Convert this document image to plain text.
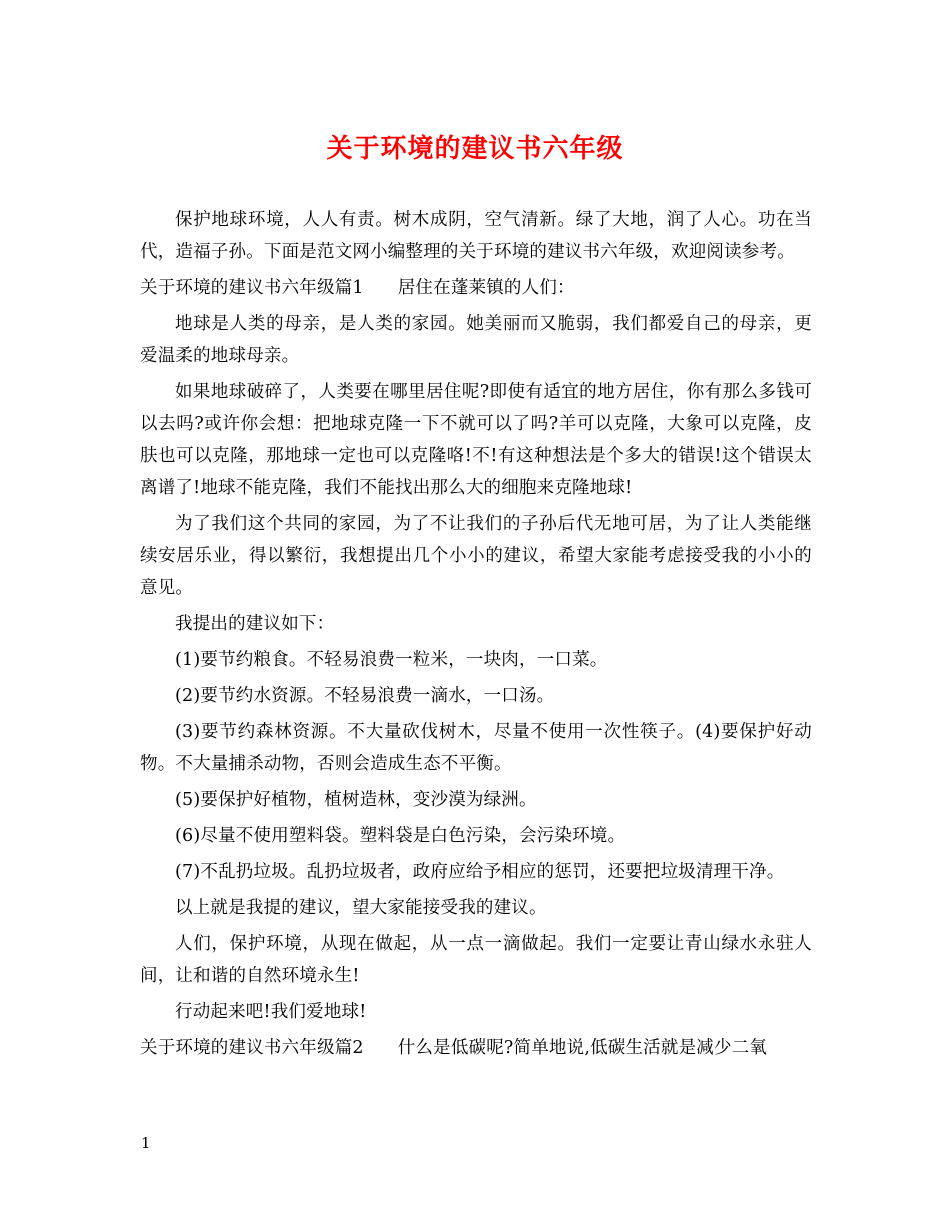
关于环境的建议书六年级

保护地球环境，人人有责。树木成阴，空气清新。绿了大地，润了人心。功在当代，造福子孙。下面是范文网小编整理的关于环境的建议书六年级，欢迎阅读参考。

关于环境的建议书六年级篇1 居住在蓬莱镇的人们：

地球是人类的母亲，是人类的家园。她美丽而又脆弱，我们都爱自己的母亲，更爱温柔的地球母亲。

如果地球破碎了，人类要在哪里居住呢?即使有适宜的地方居住，你有那么多钱可以去吗?或许你会想：把地球克隆一下不就可以了吗?羊可以克隆，大象可以克隆，皮肤也可以克隆，那地球一定也可以克隆咯!不!有这种想法是个多大的错误!这个错误太离谱了!地球不能克隆，我们不能找出那么大的细胞来克隆地球!

为了我们这个共同的家园，为了不让我们的子孙后代无地可居，为了让人类能继续安居乐业，得以繁衍，我想提出几个小小的建议，希望大家能考虑接受我的小小的意见。

我提出的建议如下：

(1)要节约粮食。不轻易浪费一粒米，一块肉，一口菜。

(2)要节约水资源。不轻易浪费一滴水，一口汤。

(3)要节约森林资源。不大量砍伐树木，尽量不使用一次性筷子。(4)要保护好动物。不大量捕杀动物，否则会造成生态不平衡。

(5)要保护好植物，植树造林，变沙漠为绿洲。

(6)尽量不使用塑料袋。塑料袋是白色污染，会污染环境。

(7)不乱扔垃圾。乱扔垃圾者，政府应给予相应的惩罚，还要把垃圾清理干净。

以上就是我提的建议，望大家能接受我的建议。

人们，保护环境，从现在做起，从一点一滴做起。我们一定要让青山绿水永驻人间，让和谐的自然环境永生!

行动起来吧!我们爱地球!

关于环境的建议书六年级篇2 什么是低碳呢?简单地说,低碳生活就是减少二氧

1
